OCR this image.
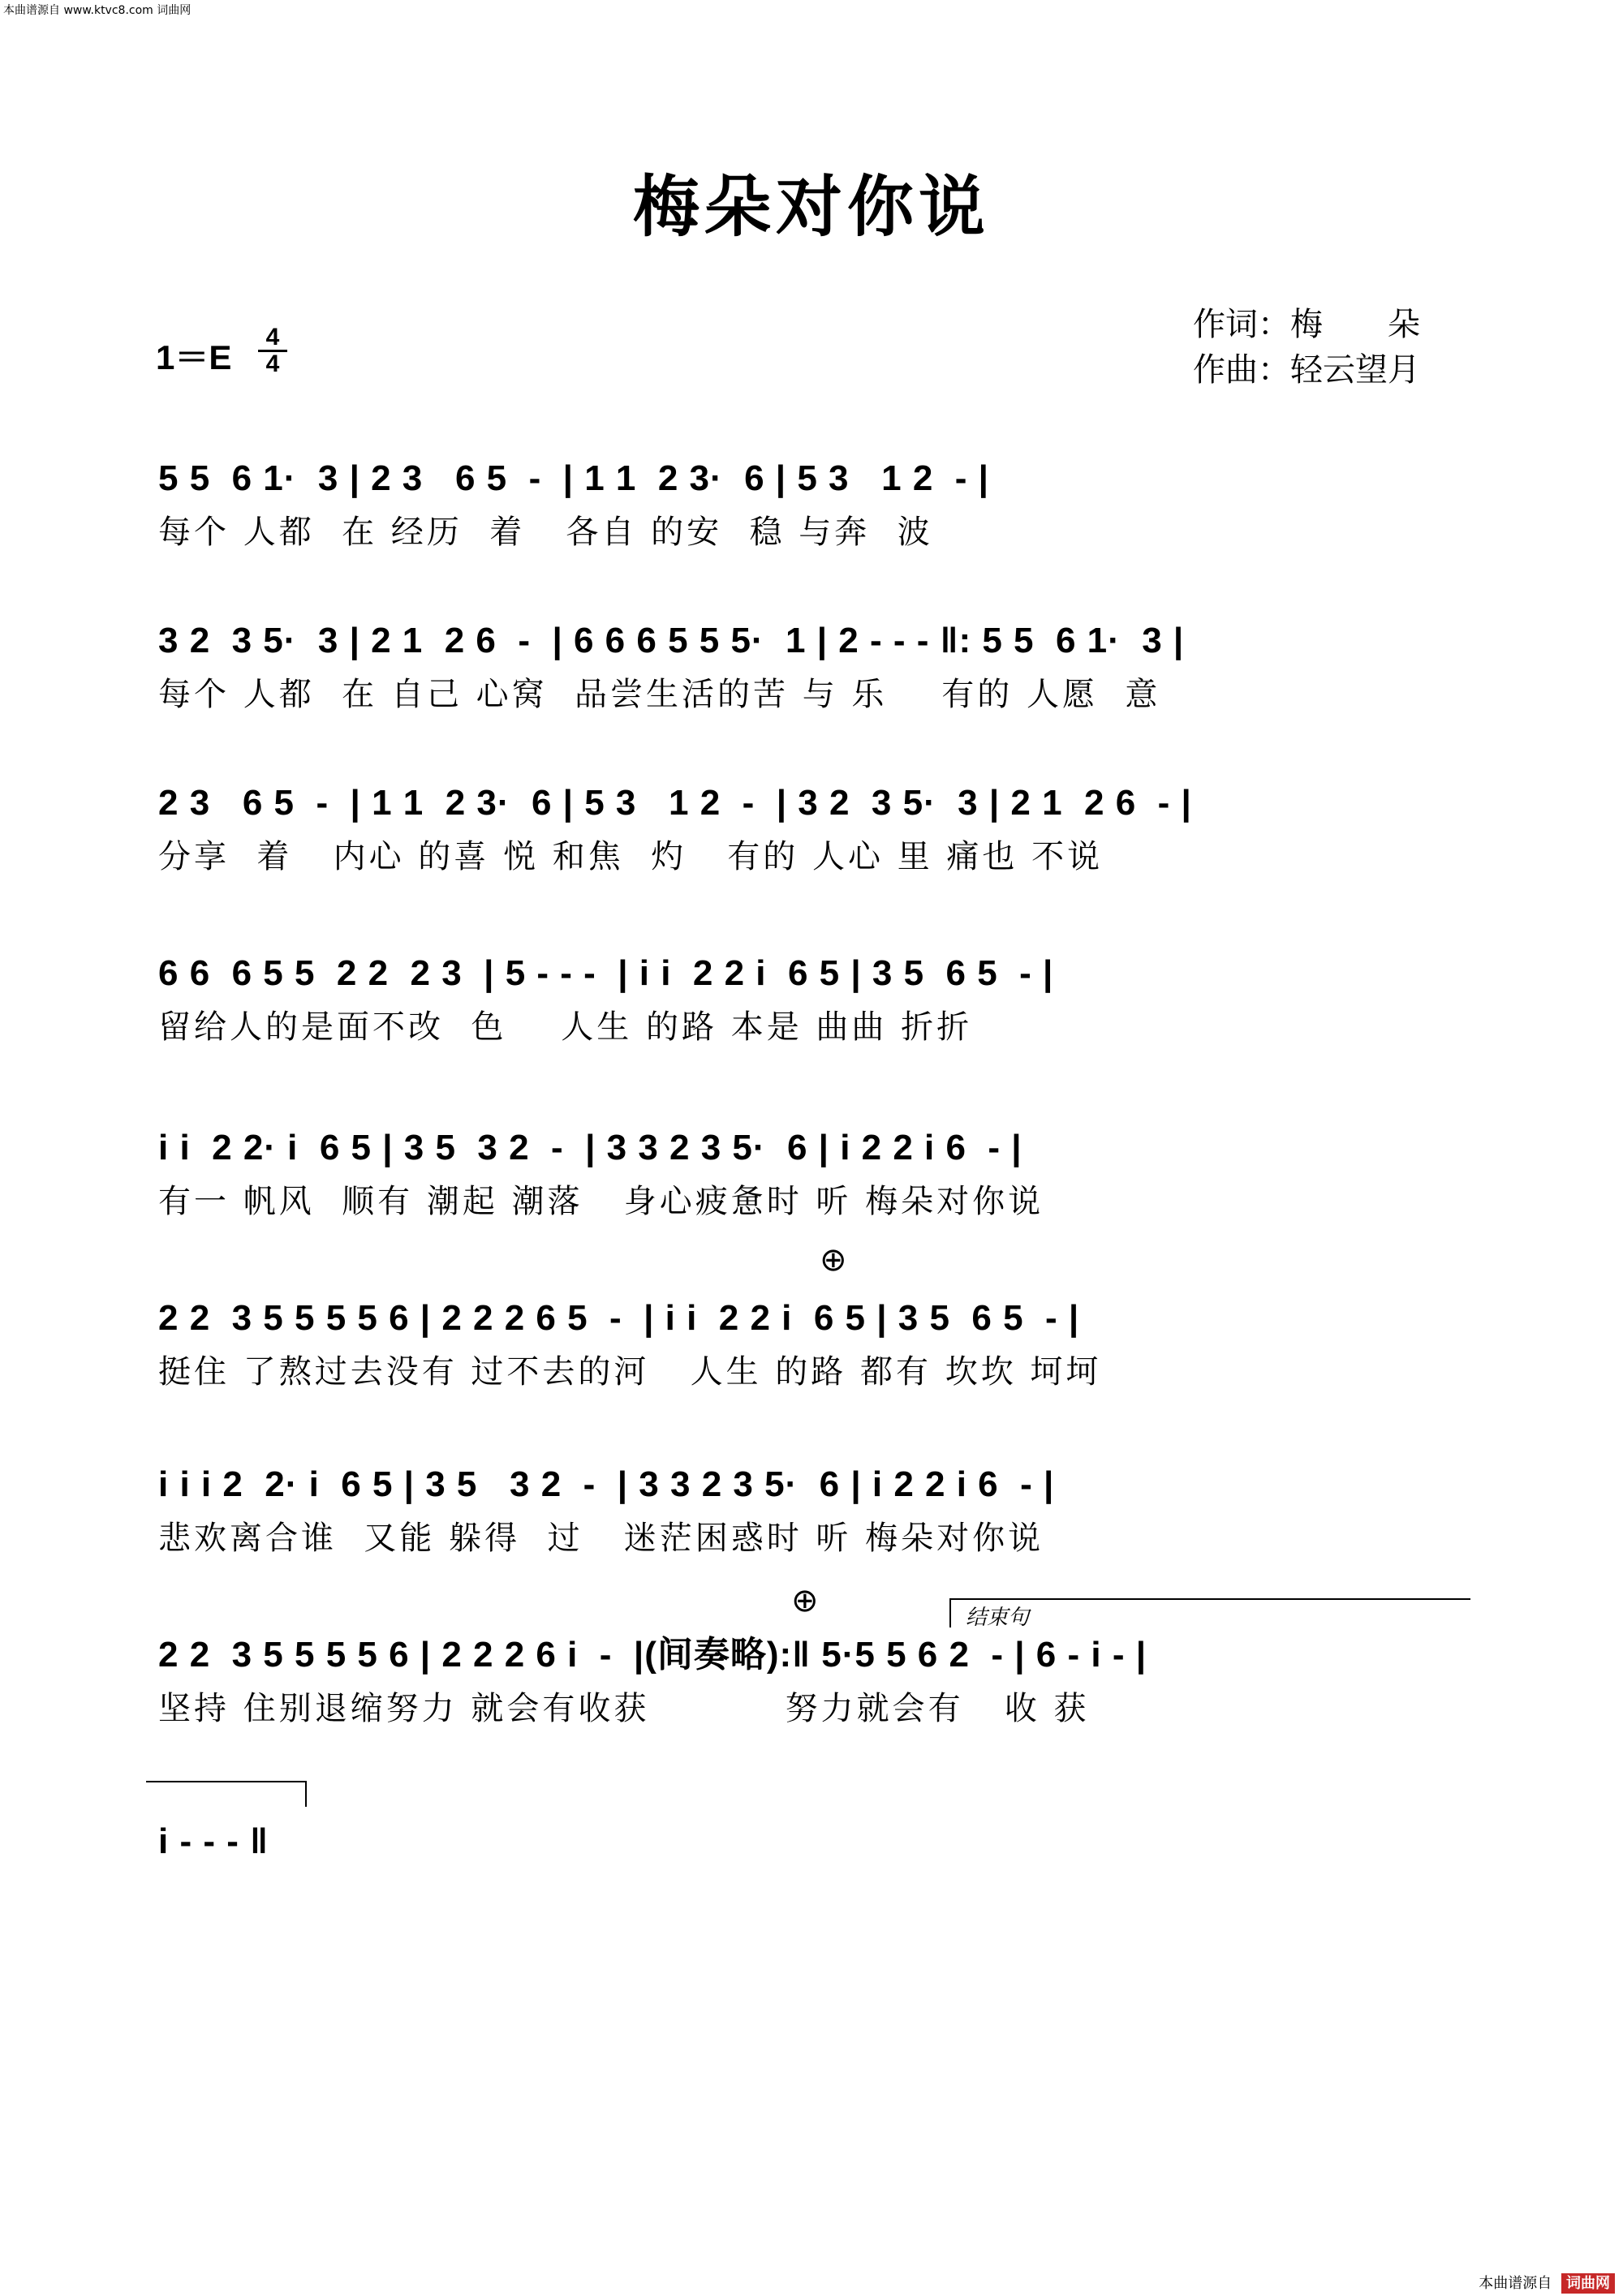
本曲谱源自 www.ktvc8.com 词曲网
梅朵对你说
1＝E
4
4
作词：梅　　朵
作曲：轻云望月
5 5  6 1·  3 | 2 3   6 5  -  | 1 1  2 3·  6 | 5 3   1 2  - |
每个 人都  在 经历  着   各自 的安  稳 与奔  波
3 2  3 5·  3 | 2 1  2 6  -  | 6 6 6 5 5 5·  1 | 2 - - - ‖: 5 5  6 1·  3 |
每个 人都  在 自己 心窝  品尝生活的苦 与 乐    有的 人愿  意
2 3   6 5  -  | 1 1  2 3·  6 | 5 3   1 2  -  | 3 2  3 5·  3 | 2 1  2 6  - |
分享  着   内心 的喜 悦 和焦  灼   有的 人心 里 痛也 不说
6 6  6 5 5  2 2  2 3  | 5 - - -  | i i  2 2 i  6 5 | 3 5  6 5  - |
留给人的是面不改  色    人生 的路 本是 曲曲 折折
i i  2 2· i  6 5 | 3 5  3 2  -  | 3 3 2 3 5·  6 | i 2 2 i 6  - |
有一 帆风  顺有 潮起 潮落   身心疲惫时 听 梅朵对你说
⊕
2 2  3 5 5 5 5 6 | 2 2 2 6 5  -  | i i  2 2 i  6 5 | 3 5  6 5  - |
挺住 了熬过去没有 过不去的河   人生 的路 都有 坎坎 坷坷
i i i 2  2· i  6 5 | 3 5   3 2  -  | 3 3 2 3 5·  6 | i 2 2 i 6  - |
悲欢离合谁  又能 躲得  过   迷茫困惑时 听 梅朵对你说
⊕	结束句
2 2  3 5 5 5 5 6 | 2 2 2 6 i  -  |(间奏略):‖ 5·5 5 6 2  - | 6 - i - |
坚持 住别退缩努力 就会有收获          努力就会有   收 获
i - - - ‖
本曲谱源自 词曲网
